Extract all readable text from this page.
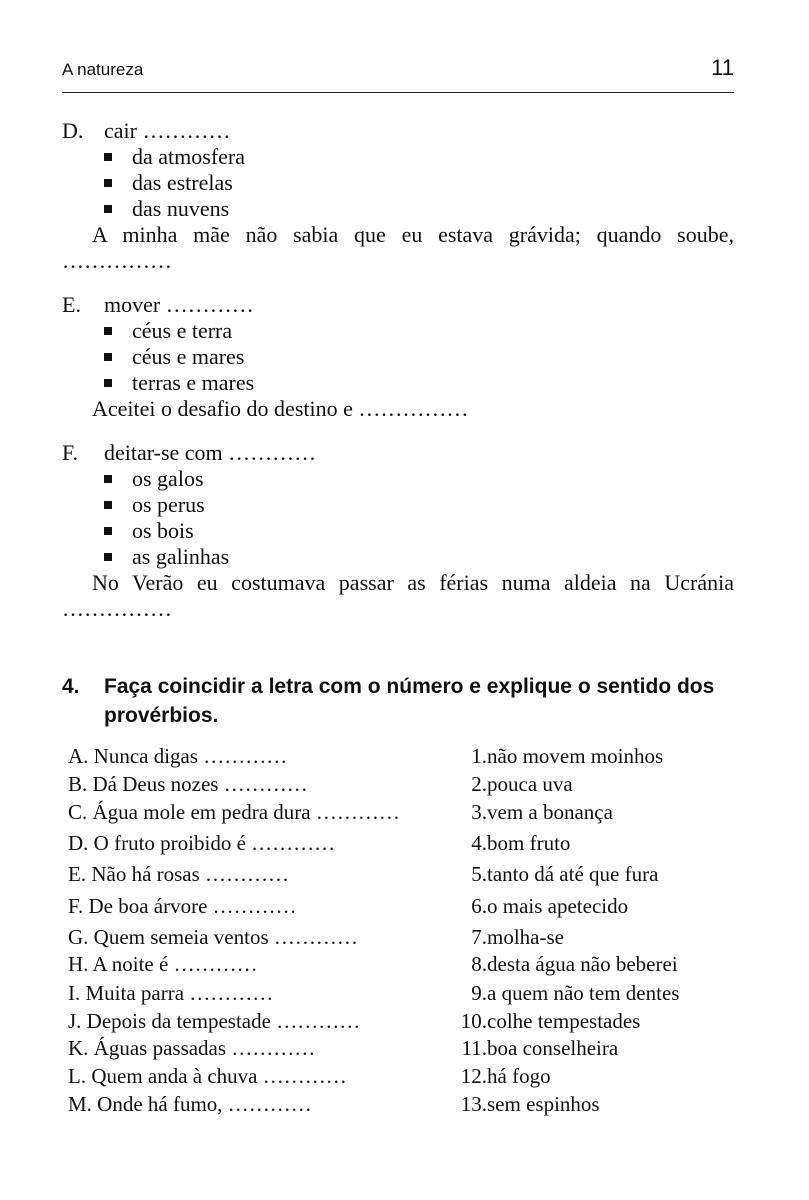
A natureza	11
D. cair …………
da atmosfera
das estrelas
das nuvens

A minha mãe não sabia que eu estava grávida; quando soube, ……………

E.	mover …………
céus e terra
céus e mares
terras e mares

Aceitei o desafio do destino e ……………

F.	deitar-se com …………
os galos
os perus
os bois
as galinhas

No Verão eu costumava passar as férias numa aldeia na Ucránia ……………

4.	Faça coincidir a letra com o número e explique o sentido dos provérbios.
A. Nunca digas …………	1. não movem moinhos
B. Dá Deus nozes …………	2. pouca uva
C. Água mole em pedra dura …………	3. vem a bonança
D. O fruto proibido é …………	4. bom fruto
E. Não há rosas …………	5. tanto dá até que fura
F. De boa árvore …………	6. o mais apetecido
G. Quem semeia ventos …………	7. molha-se
H. A noite é …………	8. desta água não beberei
I. Muita parra …………	9. a quem não tem dentes
J. Depois da tempestade …………	10. colhe tempestades
K. Águas passadas …………	11. boa conselheira
L. Quem anda à chuva …………	12. há fogo
M. Onde há fumo, …………	13. sem espinhos
